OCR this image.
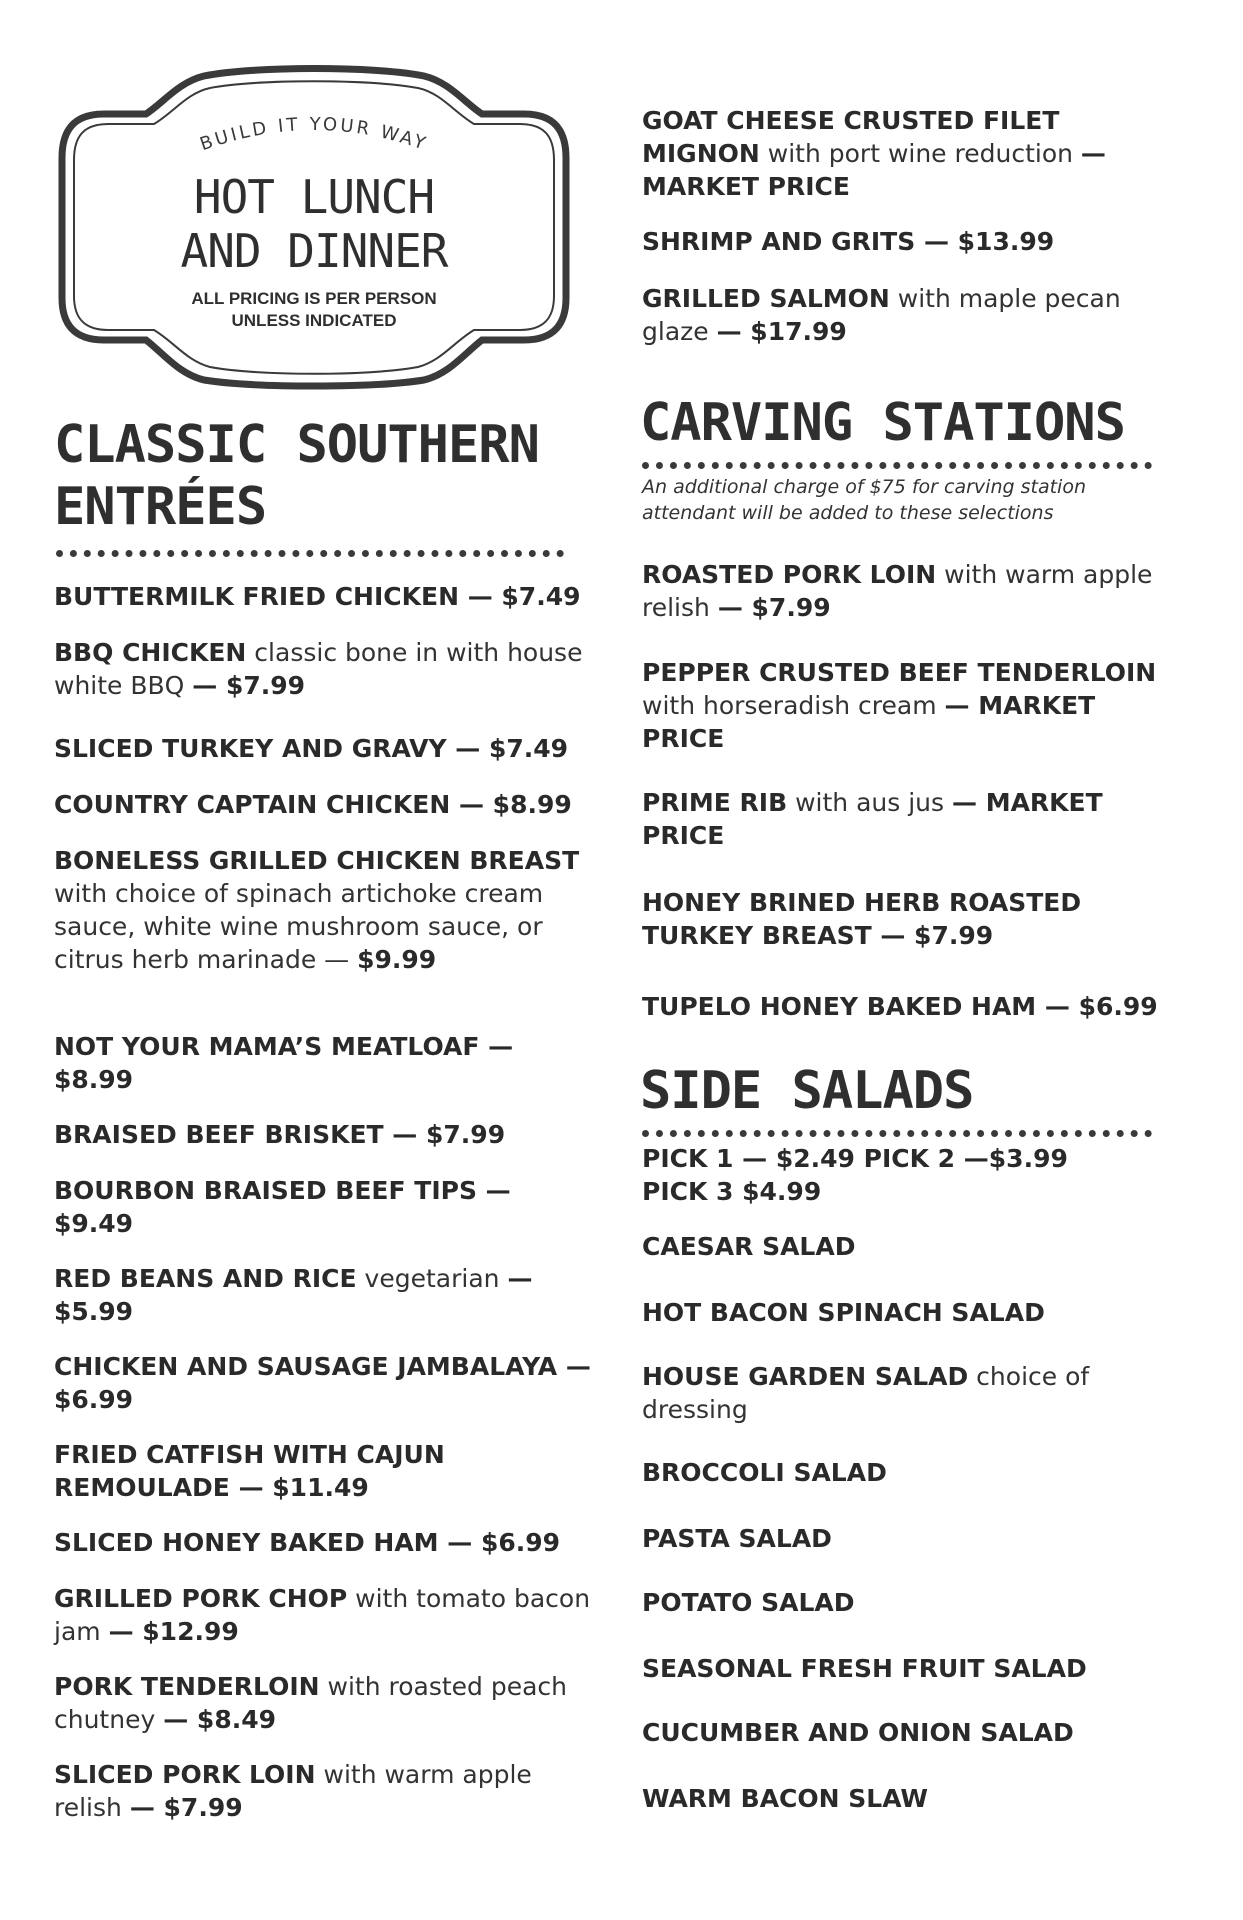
BUILD IT YOUR WAY
HOT LUNCH
AND DINNER
ALL PRICING IS PER PERSON
UNLESS INDICATED
CLASSIC SOUTHERN
ENTRÉES
BUTTERMILK FRIED CHICKEN — $7.49
BBQ CHICKEN classic bone in with house white BBQ — $7.99
SLICED TURKEY AND GRAVY — $7.49
COUNTRY CAPTAIN CHICKEN — $8.99
BONELESS GRILLED CHICKEN BREAST with choice of spinach artichoke cream sauce, white wine mushroom sauce, or citrus herb marinade — $9.99
NOT YOUR MAMA’S MEATLOAF — $8.99
BRAISED BEEF BRISKET — $7.99
BOURBON BRAISED BEEF TIPS — $9.49
RED BEANS AND RICE vegetarian — $5.99
CHICKEN AND SAUSAGE JAMBALAYA — $6.99
FRIED CATFISH WITH CAJUN REMOULADE — $11.49
SLICED HONEY BAKED HAM — $6.99
GRILLED PORK CHOP with tomato bacon jam — $12.99
PORK TENDERLOIN with roasted peach chutney — $8.49
SLICED PORK LOIN with warm apple relish — $7.99
GOAT CHEESE CRUSTED FILET MIGNON with port wine reduction — MARKET PRICE
SHRIMP AND GRITS — $13.99
GRILLED SALMON with maple pecan glaze — $17.99
CARVING STATIONS
An additional charge of $75 for carving station attendant will be added to these selections
ROASTED PORK LOIN with warm apple relish — $7.99
PEPPER CRUSTED BEEF TENDERLOIN with horseradish cream — MARKET PRICE
PRIME RIB with aus jus — MARKET PRICE
HONEY BRINED HERB ROASTED TURKEY BREAST — $7.99
TUPELO HONEY BAKED HAM — $6.99
SIDE SALADS
PICK 1 — $2.49 PICK 2 —$3.99
PICK 3 $4.99
CAESAR SALAD
HOT BACON SPINACH SALAD
HOUSE GARDEN SALAD choice of dressing
BROCCOLI SALAD
PASTA SALAD
POTATO SALAD
SEASONAL FRESH FRUIT SALAD
CUCUMBER AND ONION SALAD
WARM BACON SLAW
